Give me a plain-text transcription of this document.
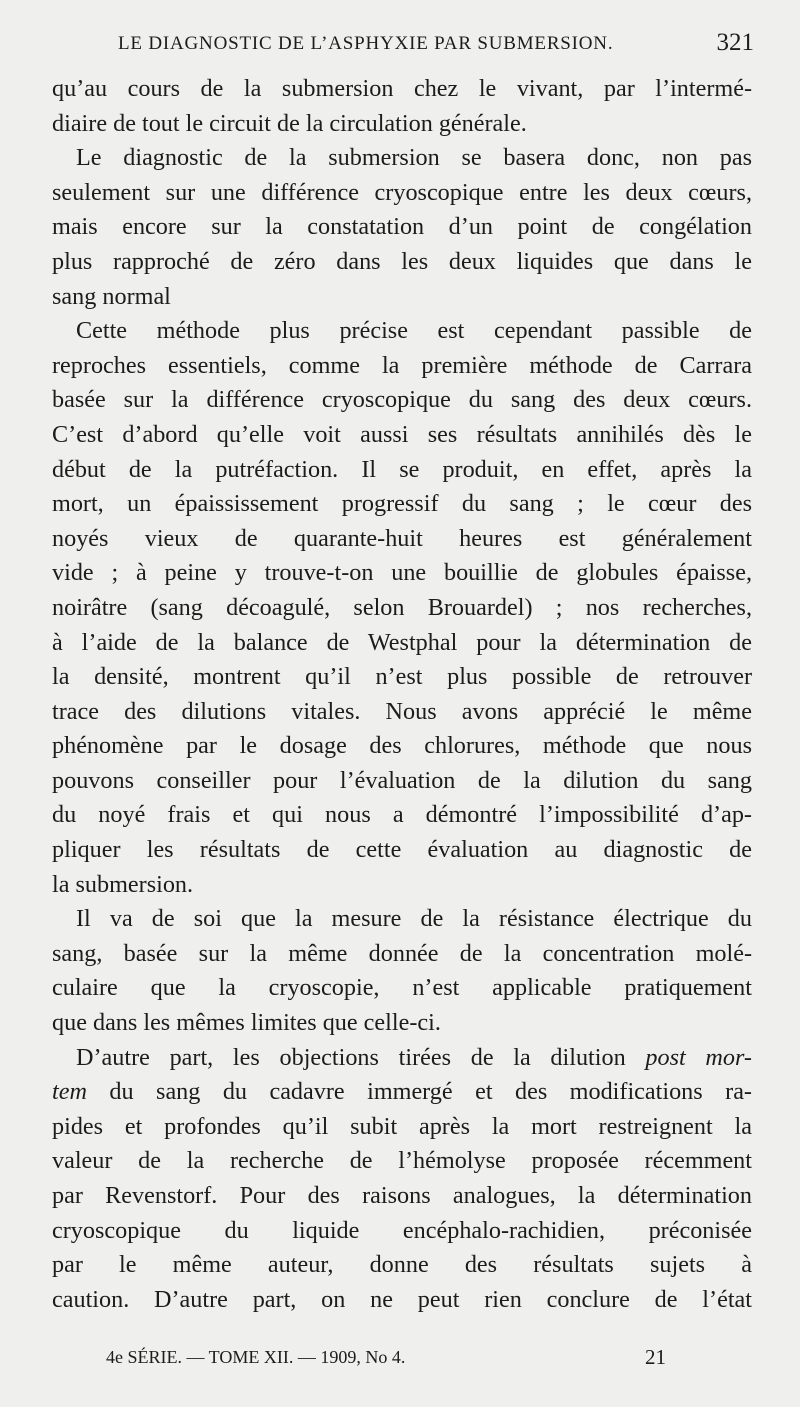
LE DIAGNOSTIC DE L’ASPHYXIE PAR SUBMERSION.	321
qu’au cours de la submersion chez le vivant, par l’intermé-
diaire de tout le circuit de la circulation générale.
Le diagnostic de la submersion se basera donc, non pas
seulement sur une différence cryoscopique entre les deux cœurs,
mais encore sur la constatation d’un point de congélation
plus rapproché de zéro dans les deux liquides que dans le
sang normal
Cette méthode plus précise est cependant passible de
reproches essentiels, comme la première méthode de Carrara
basée sur la différence cryoscopique du sang des deux cœurs.
C’est d’abord qu’elle voit aussi ses résultats annihilés dès le
début de la putréfaction. Il se produit, en effet, après la
mort, un épaississement progressif du sang ; le cœur des
noyés vieux de quarante-huit heures est généralement
vide ; à peine y trouve-t-on une bouillie de globules épaisse,
noirâtre (sang décoagulé, selon Brouardel) ; nos recherches,
à l’aide de la balance de Westphal pour la détermination de
la densité, montrent qu’il n’est plus possible de retrouver
trace des dilutions vitales. Nous avons apprécié le même
phénomène par le dosage des chlorures, méthode que nous
pouvons conseiller pour l’évaluation de la dilution du sang
du noyé frais et qui nous a démontré l’impossibilité d’ap-
pliquer les résultats de cette évaluation au diagnostic de
la submersion.
Il va de soi que la mesure de la résistance électrique du
sang, basée sur la même donnée de la concentration molé-
culaire que la cryoscopie, n’est applicable pratiquement
que dans les mêmes limites que celle-ci.
D’autre part, les objections tirées de la dilution post mor-
tem du sang du cadavre immergé et des modifications ra-
pides et profondes qu’il subit après la mort restreignent la
valeur de la recherche de l’hémolyse proposée récemment
par Revenstorf. Pour des raisons analogues, la détermination
cryoscopique du liquide encéphalo-rachidien, préconisée
par le même auteur, donne des résultats sujets à
caution. D’autre part, on ne peut rien conclure de l’état
4e SÉRIE. — TOME XII. — 1909, No 4.	21
